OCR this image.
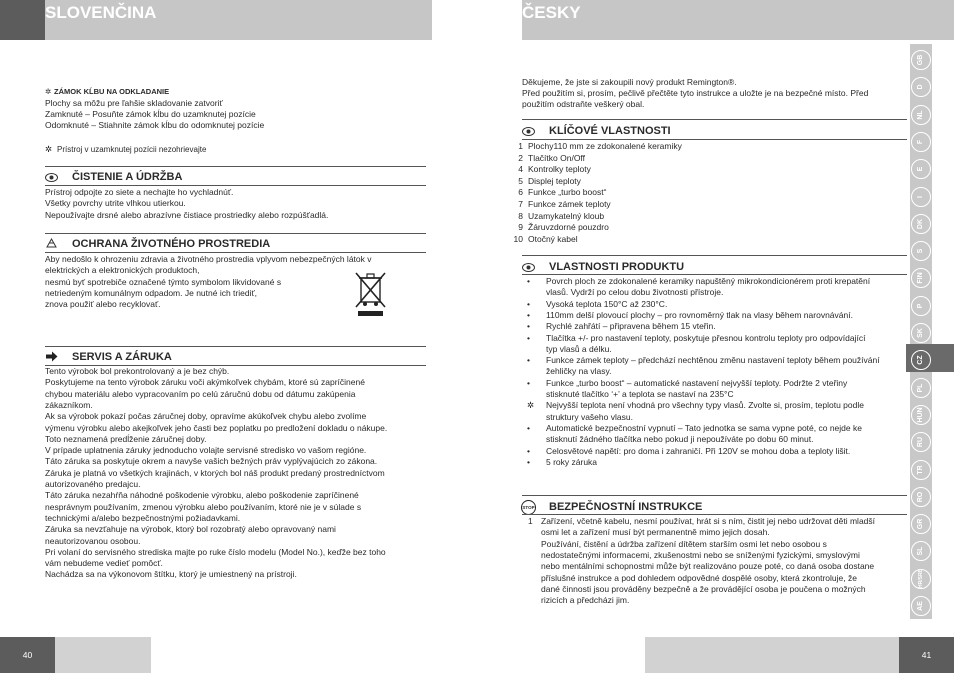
SLOVENČINA
✲ ZÁMOK KĹBU NA ODKLADANIE
Plochy sa môžu pre ľahšie skladovanie zatvoriť
Zamknuté – Posuňte zámok kĺbu do uzamknutej pozície
Odomknuté – Stiahnite zámok kĺbu do odomknutej pozície
✲ Prístroj v uzamknutej pozícii nezohrievajte
ČISTENIE A ÚDRŽBA
Prístroj odpojte zo siete a nechajte ho vychladnúť.
Všetky povrchy utrite vlhkou utierkou.
Nepoužívajte drsné alebo abrazívne čistiace prostriedky alebo rozpúšťadlá.
OCHRANA ŽIVOTNÉHO PROSTREDIA
Aby nedošlo k ohrozeniu zdravia a životného prostredia vplyvom nebezpečných látok v
elektrických a elektronických produktoch,
nesmú byť spotrebiče označené týmto symbolom likvidované s
netriedeným komunálnym odpadom. Je nutné ich triediť,
znova použiť alebo recyklovať.
SERVIS A ZÁRUKA
Tento výrobok bol prekontrolovaný a je bez chýb.
Poskytujeme na tento výrobok záruku voči akýmkoľvek chybám, ktoré sú zapríčinené
chybou materiálu alebo vypracovaním po celú záručnú dobu od dátumu zakúpenia
zákazníkom.
Ak sa výrobok pokazí počas záručnej doby, opravíme akúkoľvek chybu alebo zvolíme
výmenu výrobku alebo akejkoľvek jeho časti bez poplatku po predložení dokladu o nákupe.
Toto neznamená predĺženie záručnej doby.
V prípade uplatnenia záruky jednoducho volajte servisné stredisko vo vašom regióne.
Táto záruka sa poskytuje okrem a navyše vašich bežných práv vyplývajúcich zo zákona.
Záruka je platná vo všetkých krajinách, v ktorých bol náš produkt predaný prostredníctvom
autorizovaného predajcu.
Táto záruka nezahŕňa náhodné poškodenie výrobku, alebo poškodenie zapríčinené
nesprávnym používaním, zmenou výrobku alebo používaním, ktoré nie je v súlade s
technickými a/alebo bezpečnostnými požiadavkami.
Záruka sa nevzťahuje na výrobok, ktorý bol rozobratý alebo opravovaný nami
neautorizovanou osobou.
Pri volaní do servisného strediska majte po ruke číslo modelu (Model No.), keďže bez toho
vám nebudeme vedieť pomôcť.
Nachádza sa na výkonovom štítku, ktorý je umiestnený na prístroji.
40
ČESKY
Děkujeme, že jste si zakoupili nový produkt Remington®.
Před použitím si, prosím, pečlivě přečtěte tyto instrukce a uložte je na bezpečné místo. Před
použitím odstraňte veškerý obal.
KLÍČOVÉ VLASTNOSTI
1 Plochy110 mm ze zdokonalené keramiky
2 Tlačítko On/Off
4 Kontrolky teploty
5 Displej teploty
6 Funkce „turbo boost“
7 Funkce zámek teploty
8 Uzamykatelný kloub
9 Žáruvzdorné pouzdro
10 Otočný kabel
VLASTNOSTI PRODUKTU
• Povrch ploch ze zdokonalené keramiky napuštěný mikrokondicionérem proti krepatění
vlasů. Vydrží po celou dobu životnosti přístroje.
• Vysoká teplota 150°C až 230°C.
• 110mm delší plovoucí plochy – pro rovnoměrný tlak na vlasy během narovnávání.
• Rychlé zahřátí – připravena během 15 vteřin.
• Tlačítka +/- pro nastavení teploty, poskytuje přesnou kontrolu teploty pro odpovídající
typ vlasů a délku.
• Funkce zámek teploty – předchází nechtěnou změnu nastavení teploty během používání
žehličky na vlasy.
• Funkce „turbo boost“ – automatické nastavení nejvyšší teploty. Podržte 2 vteřiny
stisknuté tlačítko ‘+’ a teplota se nastaví na 235°C
✲ Nejvyšší teplota není vhodná pro všechny typy vlasů. Zvolte si, prosím, teplotu podle
struktury vašeho vlasu.
• Automatické bezpečnostní vypnutí – Tato jednotka se sama vypne poté, co nejde ke
stisknutí žádného tlačítka nebo pokud ji nepoužíváte po dobu 60 minut.
• Celosvětové napětí: pro doma i zahraničí. Při 120V se mohou doba a teploty lišit.
• 5 roky záruka
STOP BEZPEČNOSTNÍ INSTRUKCE
1
41
GB
D
NL
F
E
I
DK
S
FIN
P
SK
CZ
PL
HUN
RU
TR
RO
GR
SL
HR/SRB
AE
Zařízení, včetně kabelu, nesmí používat, hrát si s ním, čistit jej nebo udržovat děti mladší
osmi let a zařízení musí být permanentně mimo jejich dosah.
Používání, čistění a údržba zařízení dítětem starším osmi let nebo osobou s
nedostatečnými informacemi, zkušenostmi nebo se sníženými fyzickými, smyslovými
nebo mentálními schopnostmi může být realizováno pouze poté, co daná osoba dostane
příslušné instrukce a pod dohledem odpovědné dospělé osoby, která zkontroluje, že
dané činnosti jsou prováděny bezpečně a že provádějící osoba je poučena o možných
rizicích a předcházi jim.
